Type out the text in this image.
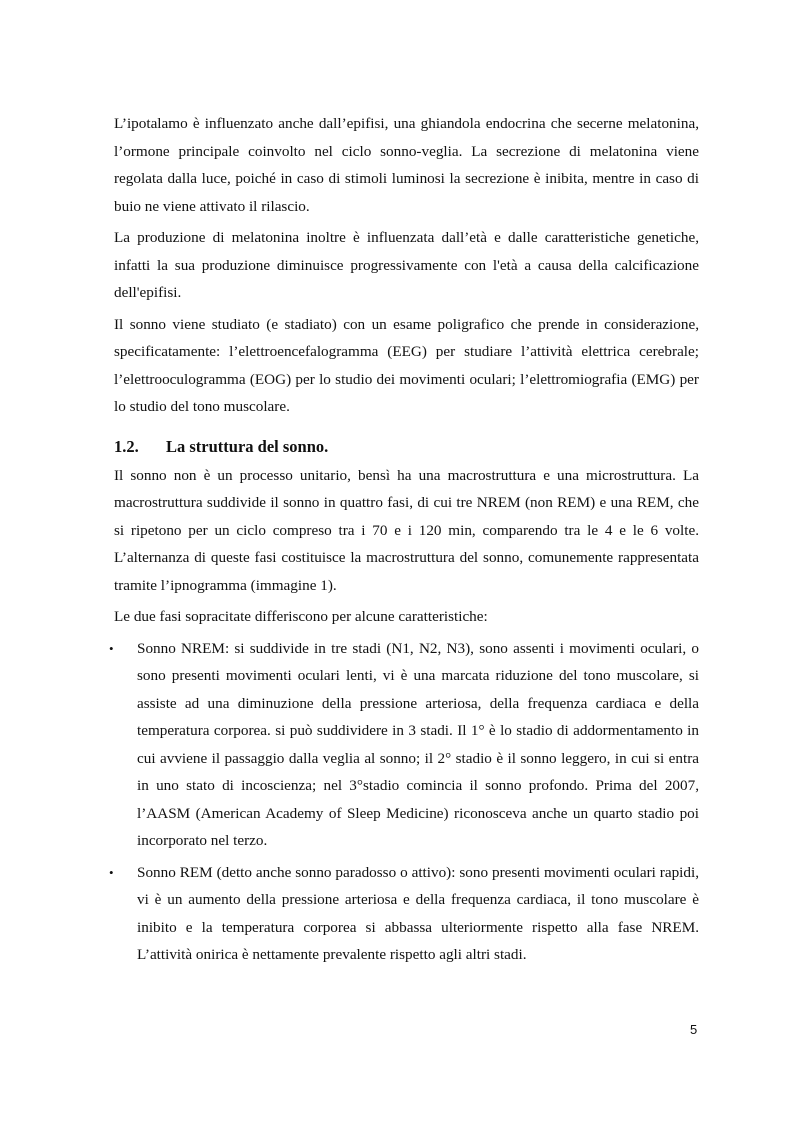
L’ipotalamo è influenzato anche dall’epifisi, una ghiandola endocrina che secerne melatonina, l’ormone principale coinvolto nel ciclo sonno-veglia. La secrezione di melatonina viene regolata dalla luce, poiché in caso di stimoli luminosi la secrezione è inibita, mentre in caso di buio ne viene attivato il rilascio.

La produzione di melatonina inoltre è influenzata dall’età e dalle caratteristiche genetiche, infatti la sua produzione diminuisce progressivamente con l'età a causa della calcificazione dell'epifisi.

Il sonno viene studiato (e stadiato) con un esame poligrafico che prende in considerazione, specificatamente: l’elettroencefalogramma (EEG) per studiare l’attività elettrica cerebrale; l’elettrooculogramma (EOG) per lo studio dei movimenti oculari; l’elettromiografia (EMG) per lo studio del tono muscolare.

1.2.	La struttura del sonno.

Il sonno non è un processo unitario, bensì ha una macrostruttura e una microstruttura. La macrostruttura suddivide il sonno in quattro fasi, di cui tre NREM (non REM) e una REM, che si ripetono per un ciclo compreso tra i 70 e i 120 min, comparendo tra le 4 e le 6 volte. L’alternanza di queste fasi costituisce la macrostruttura del sonno, comunemente rappresentata tramite l’ipnogramma (immagine 1).

Le due fasi sopracitate differiscono per alcune caratteristiche:

• Sonno NREM: si suddivide in tre stadi (N1, N2, N3), sono assenti i movimenti oculari, o sono presenti movimenti oculari lenti, vi è una marcata riduzione del tono muscolare, si assiste ad una diminuzione della pressione arteriosa, della frequenza cardiaca e della temperatura corporea. si può suddividere in 3 stadi. Il 1° è lo stadio di addormentamento in cui avviene il passaggio dalla veglia al sonno; il 2° stadio è il sonno leggero, in cui si entra in uno stato di incoscienza; nel 3°stadio comincia il sonno profondo. Prima del 2007, l’AASM (American Academy of Sleep Medicine) riconosceva anche un quarto stadio poi incorporato nel terzo.
• Sonno REM (detto anche sonno paradosso o attivo): sono presenti movimenti oculari rapidi, vi è un aumento della pressione arteriosa e della frequenza cardiaca, il tono muscolare è inibito e la temperatura corporea si abbassa ulteriormente rispetto alla fase NREM. L’attività onirica è nettamente prevalente rispetto agli altri stadi.
5
